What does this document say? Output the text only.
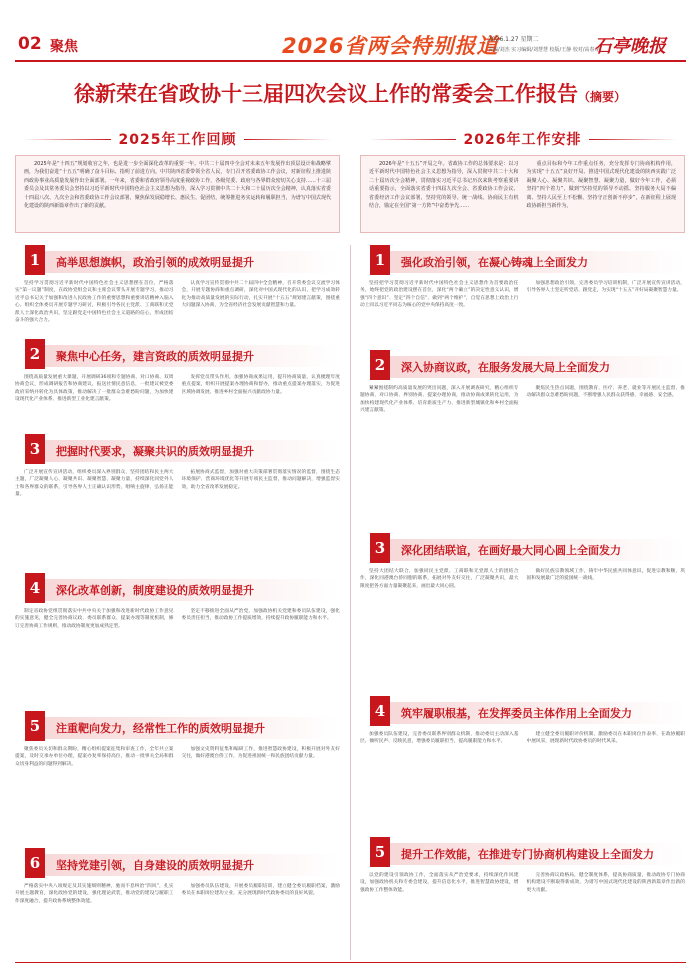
02 聚焦	2026省两会特别报道
2026.1.27 星期二
责编/刘杰 实习编辑/刘慧慧 校版/王静 校对/高春龙
石亭晚报
徐新荣在省政协十三届四次会议上作的常委会工作报告（摘要）
2025年工作回顾	2026年工作安排

2025年是“十四五”规划收官之年，也是进一步全面深化改革的重要一年。中共二十届四中全会对未来五年发展作出顶层设计和战略擘画，为我们奋进“十五五”明确了奋斗目标、指明了前进方向。中共陕西省委带领全省人民，专门召开省委政协工作会议，对新征程上推进陕西政协事业高质量发展作出全面部署。一年来，省委和省政府领导高度重视政协工作，各级党委、政府与各界群众密切关心支持……十三届委员会及其常务委员会坚持以习近平新时代中国特色社会主义思想为指导，深入学习贯彻中共二十大和二十届历次全会精神，认真落实省委十四届八次、九次全会和省委政协工作会议部署，聚焦保发展稳增长、惠民生、促团结，统筹推进务实运转和履职担当，为谱写中国式现代化建设的陕西新篇章作出了新的贡献。

2026年是“十五五”开局之年。省政协工作的总体要求是：以习近平新时代中国特色社会主义思想为指导，深入贯彻中共二十大和二十届历次全会精神，贯彻落实习近平总书记历次来陕考察重要讲话重要指示，全面落实省委十四届九次全会、省委政协工作会议、省委经济工作会议部署，坚持党的领导、统一战线、协商民主有机结合，锚定在全国“第一方阵”中奋勇争先……

重点目标和今年工作重点任务，充分发挥专门协商机构作用，为实现“十五五”良好开局、推进中国式现代化建设的陕西实践广泛凝聚人心、凝聚共识、凝聚智慧、凝聚力量，做好今年工作，必须坚持“四个着力”，做到“坚持党的领导不动摇、坚持服务大局不偏离、坚持人民至上不松懈、坚持守正创新不停步”，在新征程上展现政协新担当新作为。

1	高举思想旗帜，政治引领的成效明显提升

坚持学习贯彻习近平新时代中国特色社会主义思想摆在首位，严格落实“第一议题”制度，在政协党组会议和主席会议带头开展专题学习，推动习近平总书记关于加强和改进人民政协工作的重要思想和重要讲话精神入脑入心。组织全体委员开展专题学习研讨，积极引导各民主党派、工商联和无党派人士深化政治共识，坚定跟党走中国特色社会主义道路的信心，形成团结奋斗的强大合力。

认真学习宣传贯彻中共二十届四中全会精神，召开常委会议交流学习体会，开展专题协商和重点调研，深化对中国式现代化的认识，把学习成效转化为推动高质量发展的实际行动，扎实开展“十五五”规划建言献策，围绕重大问题深入协商，为全省经济社会发展贡献智慧和力量。

2	聚焦中心任务，建言资政的质效明显提升

围绕高质量发展重大课题，开展调研36项和专题协商、对口协商、双周协商会议，形成调研报告和协商建议，报送社情民意信息，一批建议被党委政府采纳并转化为具体政策，推动解决了一批群众急难愁盼问题，为加快建设现代化产业体系、推进新型工业化建言献策。

发挥党员带头作用，加强协商成果运用，提升协商质量，认真梳理年度重点提案，组织开展提案办理协商和督办，推动重点提案办理落实，为促进区域协调发展、推进乡村全面振兴贡献政协力量。

3	把握时代要求，凝聚共识的质效明显提升

广泛开展宣传宣讲活动，组织委员深入界别群众，坚持团结和民主两大主题，广泛凝聚人心、凝聚共识、凝聚智慧、凝聚力量，持续深化同党外人士和各界群众的联系，引导各界人士正确认识形势，唱响主旋律、弘扬正能量。

拓展协商式监督，加强对重大决策部署贯彻落实情况的监督，围绕生态环境保护、营商环境优化等开展专项民主监督，推动问题解决，增强监督实效，助力全省改革发展稳定。

4	深化改革创新，制度建设的质效明显提升

制定省政协党组贯彻落实中共中央关于加强和改进新时代政协工作意见的实施意见，健全完善协商议政、委员联系群众、提案办理等制度机制，修订完善协商工作规则，推动政协制度更加成熟定型。

坚定不移推进全面从严治党，加强政协机关党建和委员队伍建设，强化委员责任担当，推动政协工作提质增效，持续提升政协履职能力和水平。

5	注重靶向发力，经常性工作的质效明显提升

聚焦委员关切和群众期盼，精心组织提案征集和审查工作，全年共立案提案，及时交承办单位办理，提案办复率保持高位，推动一批事关全局和群众切身利益的问题得到解决。

加强文史资料征集和编研工作，推进智慧政协建设，积极开展对外友好交往，做好港澳台侨工作，为促进祖国统一和民族团结贡献力量。

6	坚持党建引领，自身建设的质效明显提升

严格落实中央八项规定及其实施细则精神，驰而不息纠治“四风”，扎实开展主题教育，深化政协党的建设，强化理论武装，推动党的建设与履职工作深度融合，提升政协系统整体效能。

加强委员队伍建设，开展委员履职培训，建立健全委员履职档案，激励委员在本职岗位建功立业，充分展现新时代政协委员的良好风貌。

1	强化政治引领，在凝心铸魂上全面发力

坚持把学习贯彻习近平新时代中国特色社会主义思想作为首要政治任务，始终把党的政治建设摆在首位，深化“两个确立”的决定性意义认识，增强“四个意识”、坚定“四个自信”、做到“两个维护”，自觉在思想上政治上行动上同以习近平同志为核心的党中央保持高度一致。

加强思想政治引领，完善委员学习培训机制，广泛开展宣传宣讲活动，引导各界人士坚定听党话、跟党走，为实现“十五五”开好局凝聚智慧力量。

2	深入协商议政，在服务发展大局上全面发力

紧紧围绕制约高质量发展的突出问题，深入开展调查研究，精心组织专题协商、对口协商、界别协商、提案办理协商，推动协商成果转化运用，为加快构建现代化产业体系、培育新质生产力、推进新型城镇化和乡村全面振兴建言献策。

聚焦民生热点问题，围绕教育、医疗、养老、就业等开展民主监督，推动解决群众急难愁盼问题，不断增强人民群众获得感、幸福感、安全感。

3	深化团结联谊，在画好最大同心圆上全面发力

坚持大团结大联合，加强同民主党派、工商联和无党派人士的团结合作，深化同港澳台侨同胞的联系，拓展对外友好交往，广泛凝聚共识，最大限度把各方面力量凝聚起来，画出最大同心圆。

做好民族宗教领域工作，铸牢中华民族共同体意识，促进宗教和顺，巩固和发展最广泛的爱国统一战线。

4	筑牢履职根基，在发挥委员主体作用上全面发力

加强委员队伍建设，完善委员联系界别群众机制，推动委员主动深入基层、倾听民声、反映民意，增强委员履职担当，提高履职能力和水平。

建立健全委员履职评价机制，激励委员在本职岗位作表率、在政协履职中展风采，展现新时代政协委员的时代风采。

5	提升工作效能，在推进专门协商机构建设上全面发力

以党的建设引领政协工作，全面落实从严治党要求，持续深化作风建设，加强政协机关和专委会建设，提升信息化水平，推进智慧政协建设，增强政协工作整体效能。

完善协商议政格局，健全制度体系，提高协商质量，推动政协专门协商机构建设不断取得新成效，为谱写中国式现代化建设的陕西新篇章作出新的更大贡献。
